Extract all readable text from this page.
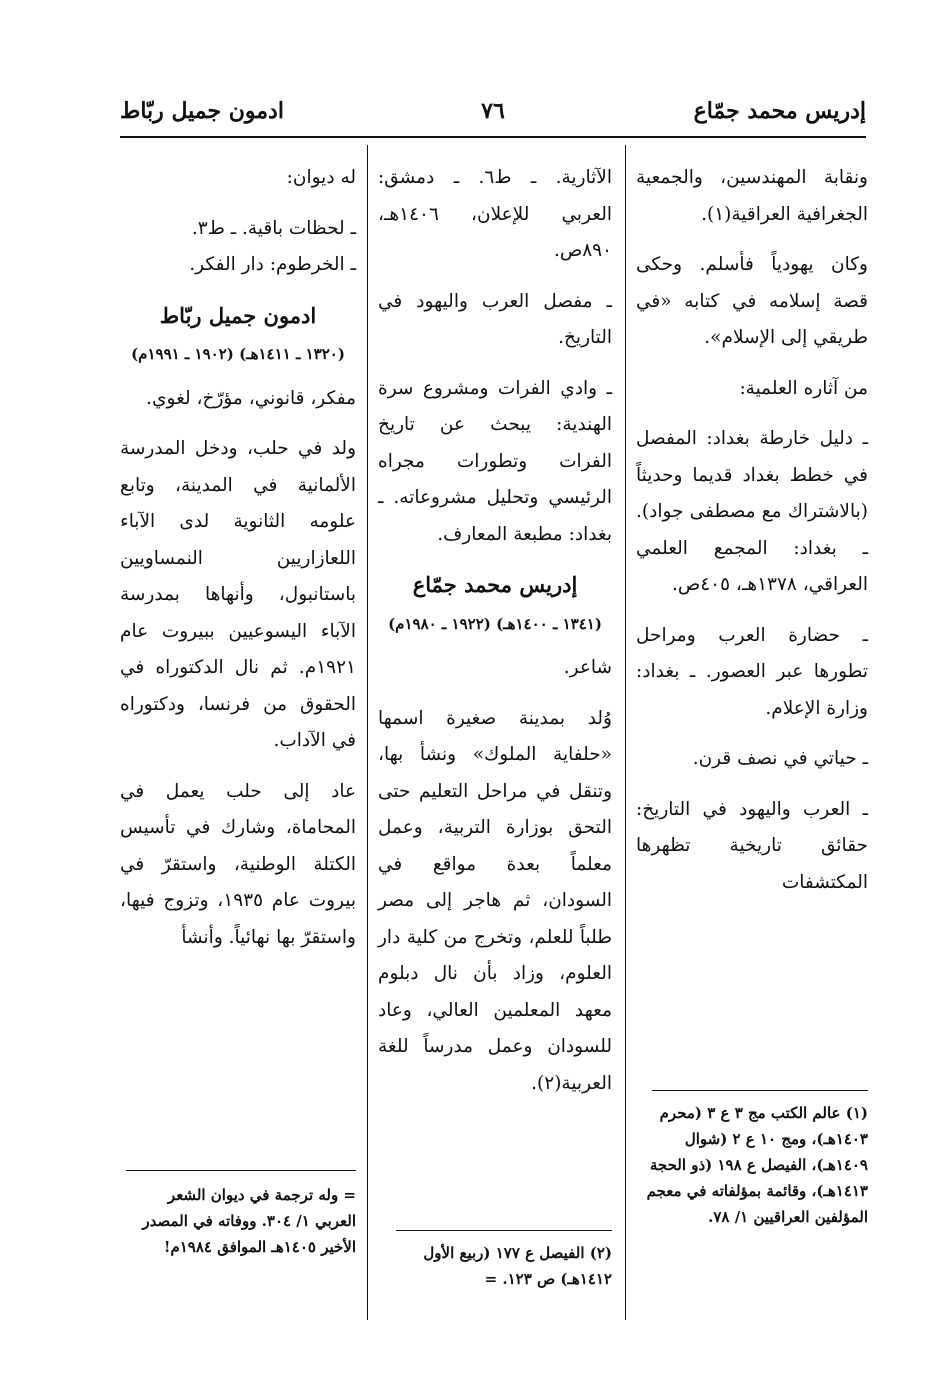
إدريس محمد جمّاع
٧٦
ادمون جميل ربّاط

ونقابة المهندسين، والجمعية الجغرافية العراقية(١).

وكان يهودياً فأسلم. وحكى قصة إسلامه في كتابه «في طريقي إلى الإسلام».

من آثاره العلمية:

ـ دليل خارطة بغداد: المفصل في خطط بغداد قديما وحديثاً (بالاشتراك مع مصطفى جواد). ـ بغداد: المجمع العلمي العراقي، ١٣٧٨هـ، ٤٠٥ص.

ـ حضارة العرب ومراحل تطورها عبر العصور. ـ بغداد: وزارة الإعلام.

ـ حياتي في نصف قرن.

ـ العرب واليهود في التاريخ: حقائق تاريخية تظهرها المكتشفات

(١) عالم الكتب مج ٣ ع ٣ (محرم ١٤٠٣هـ)، ومج ١٠ ع ٢ (شوال ١٤٠٩هـ)، الفيصل ع ١٩٨ (ذو الحجة ١٤١٣هـ)، وقائمة بمؤلفاته في معجم المؤلفين العراقيين ١/ ٧٨.

الآثارية. ـ ط٦. ـ دمشق: العربي للإعلان، ١٤٠٦هـ، ٨٩٠ص.

ـ مفصل العرب واليهود في التاريخ.

ـ وادي الفرات ومشروع سرة الهندية: يبحث عن تاريخ الفرات وتطورات مجراه الرئيسي وتحليل مشروعاته. ـ بغداد: مطبعة المعارف.

إدريس محمد جمّاع

(١٣٤١ ـ ١٤٠٠هـ) (١٩٢٢ ـ ١٩٨٠م)

شاعر.

وُلد بمدينة صغيرة اسمها «حلفاية الملوك» ونشأ بها، وتنقل في مراحل التعليم حتى التحق بوزارة التربية، وعمل معلماً بعدة مواقع في السودان، ثم هاجر إلى مصر طلباً للعلم، وتخرج من كلية دار العلوم، وزاد بأن نال دبلوم معهد المعلمين العالي، وعاد للسودان وعمل مدرساً للغة العربية(٢).

(٢) الفيصل ع ١٧٧ (ربيع الأول ١٤١٢هـ) ص ١٢٣. =

له ديوان:

ـ لحظات باقية. ـ ط٣.

ـ الخرطوم: دار الفكر.

ادمون جميل ربّاط

(١٣٢٠ ـ ١٤١١هـ) (١٩٠٢ ـ ١٩٩١م)

مفكر، قانوني، مؤرّخ، لغوي.

ولد في حلب، ودخل المدرسة الألمانية في المدينة، وتابع علومه الثانوية لدى الآباء اللعازاريين النمساويين باستانبول، وأنهاها بمدرسة الآباء اليسوعيين ببيروت عام ١٩٢١م. ثم نال الدكتوراه في الحقوق من فرنسا، ودكتوراه في الآداب.

عاد إلى حلب يعمل في المحاماة، وشارك في تأسيس الكتلة الوطنية، واستقرّ في بيروت عام ١٩٣٥، وتزوج فيها، واستقرّ بها نهائياً. وأنشأ

= وله ترجمة في ديوان الشعر العربي ١/ ٣٠٤. ووفاته في المصدر الأخير ١٤٠٥هـ الموافق ١٩٨٤م!
